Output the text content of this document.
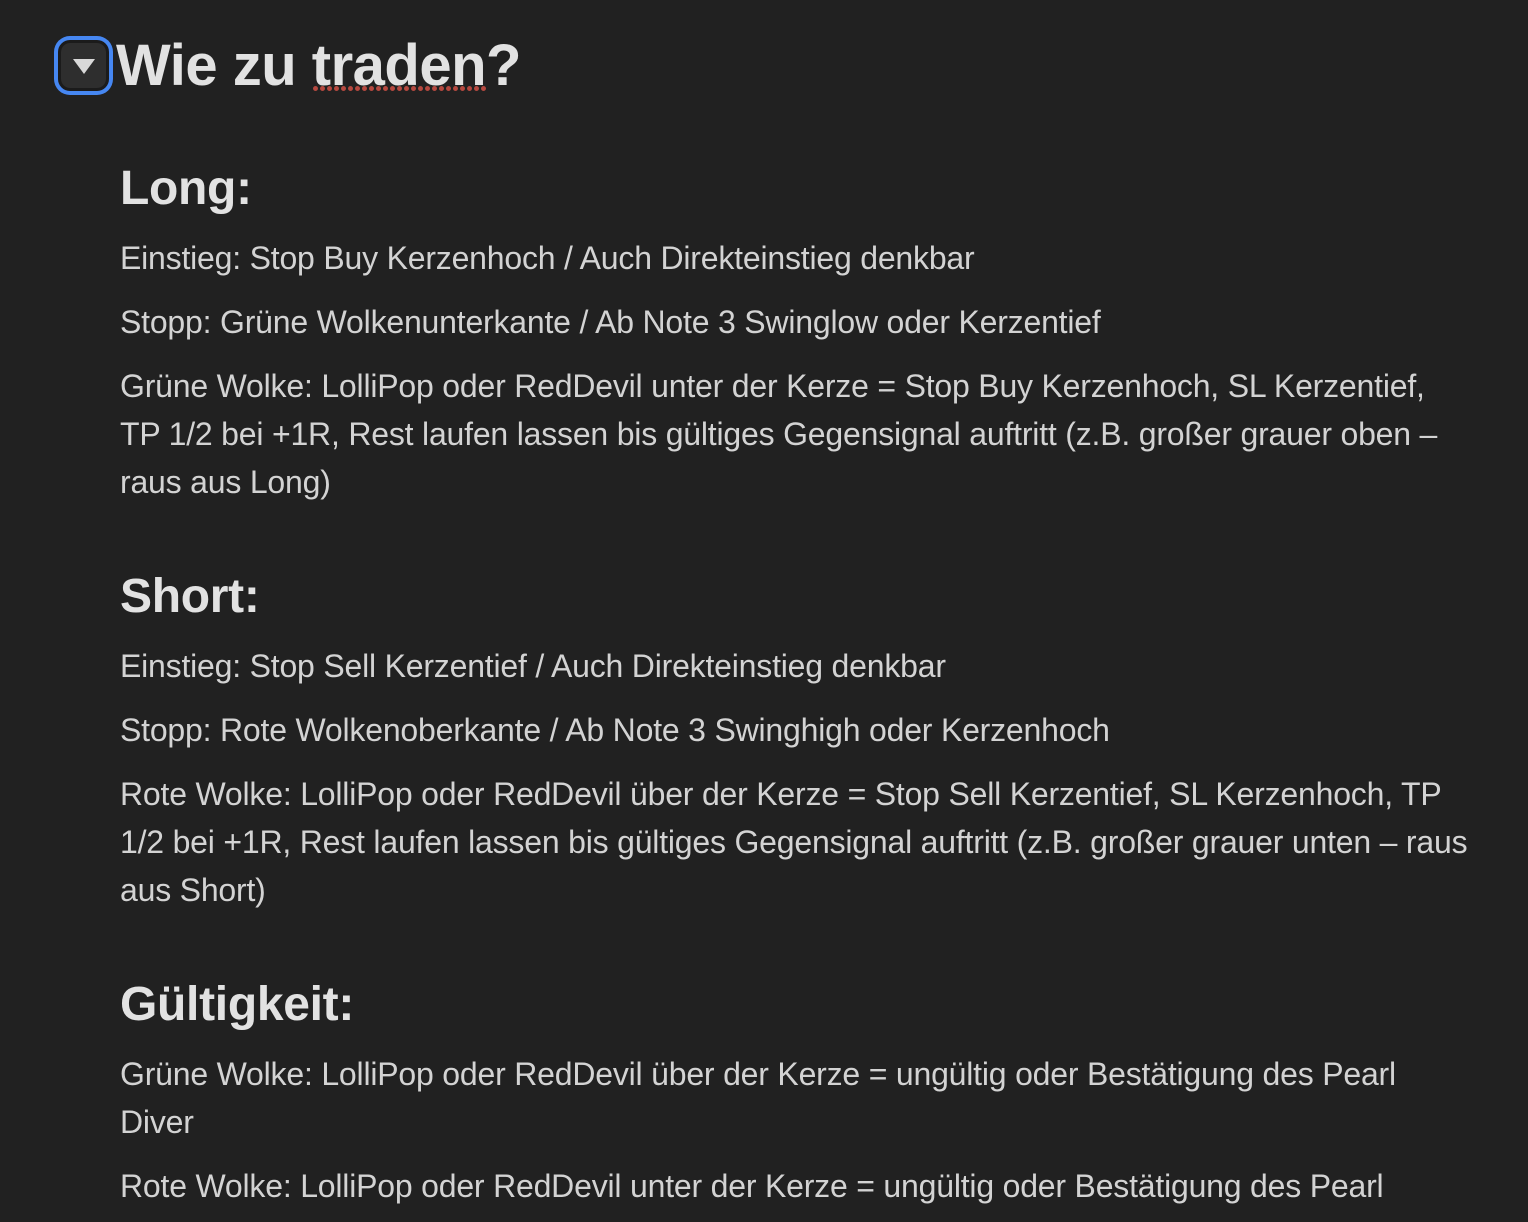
Wie zu traden?
Long:

Einstieg: Stop Buy Kerzenhoch / Auch Direkteinstieg denkbar

Stopp: Grüne Wolkenunterkante / Ab Note 3 Swinglow oder Kerzentief

Grüne Wolke: LolliPop oder RedDevil unter der Kerze = Stop Buy Kerzenhoch, SL Kerzentief, TP 1/2 bei +1R, Rest laufen lassen bis gültiges Gegensignal auftritt (z.B. großer grauer oben – raus aus Long)

Short:

Einstieg: Stop Sell Kerzentief / Auch Direkteinstieg denkbar

Stopp: Rote Wolkenoberkante / Ab Note 3 Swinghigh oder Kerzenhoch

Rote Wolke: LolliPop oder RedDevil über der Kerze = Stop Sell Kerzentief, SL Kerzenhoch, TP 1/2 bei +1R, Rest laufen lassen bis gültiges Gegensignal auftritt (z.B. großer grauer unten – raus aus Short)

Gültigkeit:

Grüne Wolke: LolliPop oder RedDevil über der Kerze = ungültig oder Bestätigung des Pearl Diver

Rote Wolke: LolliPop oder RedDevil unter der Kerze = ungültig oder Bestätigung des Pearl
